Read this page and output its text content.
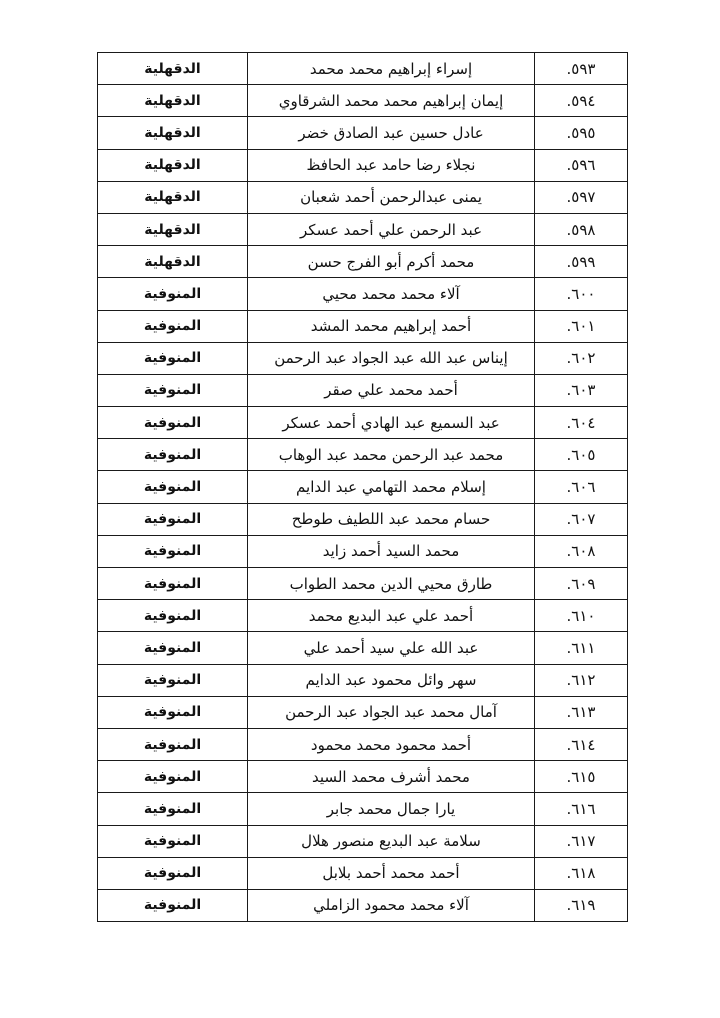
٥٩٣.	إسراء إبراهيم محمد محمد	الدقهلية
٥٩٤.	إيمان إبراهيم محمد محمد الشرقاوي	الدقهلية
٥٩٥.	عادل حسين عبد الصادق خضر	الدقهلية
٥٩٦.	نجلاء رضا حامد عبد الحافظ	الدقهلية
٥٩٧.	يمنى عبدالرحمن أحمد شعبان	الدقهلية
٥٩٨.	عبد الرحمن علي أحمد عسكر	الدقهلية
٥٩٩.	محمد أكرم أبو الفرج حسن	الدقهلية
٦٠٠.	آلاء محمد محمد محيي	المنوفية
٦٠١.	أحمد إبراهيم محمد المشد	المنوفية
٦٠٢.	إيناس عبد الله عبد الجواد عبد الرحمن	المنوفية
٦٠٣.	أحمد محمد علي صقر	المنوفية
٦٠٤.	عبد السميع عبد الهادي أحمد عسكر	المنوفية
٦٠٥.	محمد عبد الرحمن محمد عبد الوهاب	المنوفية
٦٠٦.	إسلام محمد التهامي عبد الدايم	المنوفية
٦٠٧.	حسام محمد عبد اللطيف طوطح	المنوفية
٦٠٨.	محمد السيد أحمد زايد	المنوفية
٦٠٩.	طارق محيي الدين محمد الطواب	المنوفية
٦١٠.	أحمد علي عبد البديع محمد	المنوفية
٦١١.	عبد الله علي سيد أحمد علي	المنوفية
٦١٢.	سهر وائل محمود عبد الدايم	المنوفية
٦١٣.	آمال محمد عبد الجواد عبد الرحمن	المنوفية
٦١٤.	أحمد محمود محمد محمود	المنوفية
٦١٥.	محمد أشرف محمد السيد	المنوفية
٦١٦.	يارا جمال محمد جابر	المنوفية
٦١٧.	سلامة عبد البديع منصور هلال	المنوفية
٦١٨.	أحمد محمد أحمد بلابل	المنوفية
٦١٩.	آلاء محمد محمود الزاملي	المنوفية
